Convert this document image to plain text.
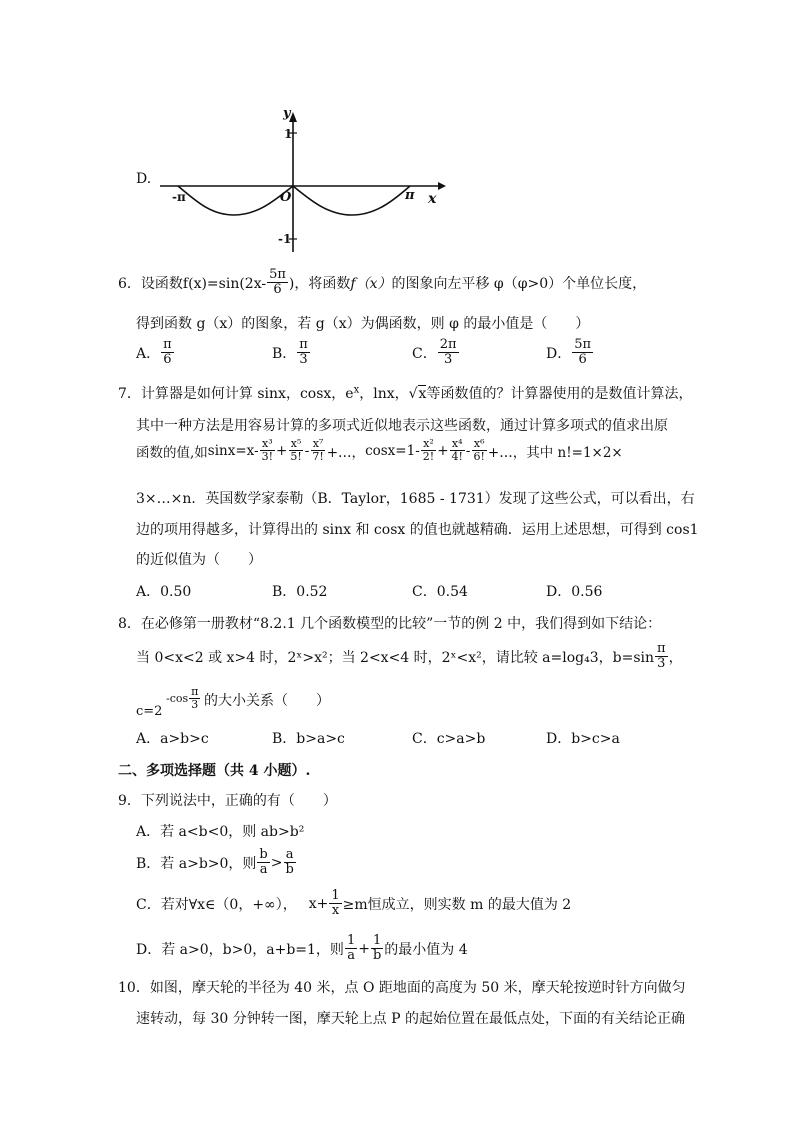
D.
y
1
-1
O
-π	π x
6． 设函数$f(x)=\sin(2x- \frac{5\pi}{6}$ )，将函数 f（x） 的图象向左平移 φ（φ>0）个单位长度，
得到函数 g（x）的图象，若 g（x）为偶函数，则 φ 的最小值是（　　）
A． $\frac{\pi}{6}$	B． $\frac{\pi}{3}$	C． $\frac{2\pi}{3}$	D． $\frac{5\pi}{6}$
7．计算器是如何计算 sinx，cosx，$e^x$，lnx，√x等函数值的？计算器使用的是数值计算法，
其中一种方法是用容易计算的多项式近似地表示这些函数，通过计算多项式的值求出原
函数的值,如 $\sin x=x- \frac{\text{x³}}{3!} + \frac{\text{x⁵}}{5!} - \frac{\text{x⁷}}{7!}$ +…， $\cos x=1- \frac{\text{x²}}{2!} + \frac{\text{x⁴}}{4!} - \frac{\text{x⁶}}{6!}$ +…，其中 n!=1×2×
3×…×n．英国数学家泰勒（B．Taylor，1685 - 1731）发现了这些公式，可以看出，右
边的项用得越多，计算得出的 sinx 和 cosx 的值也就越精确．运用上述思想，可得到 cos1
的近似值为（　　）
A．0.50	B．0.52	C．0.54	D．0.56
8．在必修第一册教材“8.2.1 几个函数模型的比较”一节的例 2 中，我们得到如下结论：
当 0<x<2 或 x>4 时，2ˣ>x²；当 2<x<4 时，2ˣ<x²，请比较 a=log₄3，$b=\sin \frac{\pi}{3}$ ，
c=2
$-\cos \frac{\pi}{3}$ 的大小关系（　　）
A．a>b>c	B．b>a>c	C．c>a>b	D．b>c>a
二、多项选择题（共 4 小题）.
9．下列说法中，正确的有（　　）
A．若 a<b<0，则 ab>b²
B．若 a>b>0，则 $\frac{b}{a} > \frac{a}{b}$
C．若对∀x∈（0，+∞）， $x+ \frac{1}{x} \ge m$恒成立，则实数 m 的最大值为 2
D．若 a>0，b>0，a+b=1，则 $\frac{1}{a} + \frac{1}{b}$ 的最小值为 4
10．如图，摩天轮的半径为 40 米，点 O 距地面的高度为 50 米，摩天轮按逆时针方向做匀
速转动，每 30 分钟转一图，摩天轮上点 P 的起始位置在最低点处，下面的有关结论正确
